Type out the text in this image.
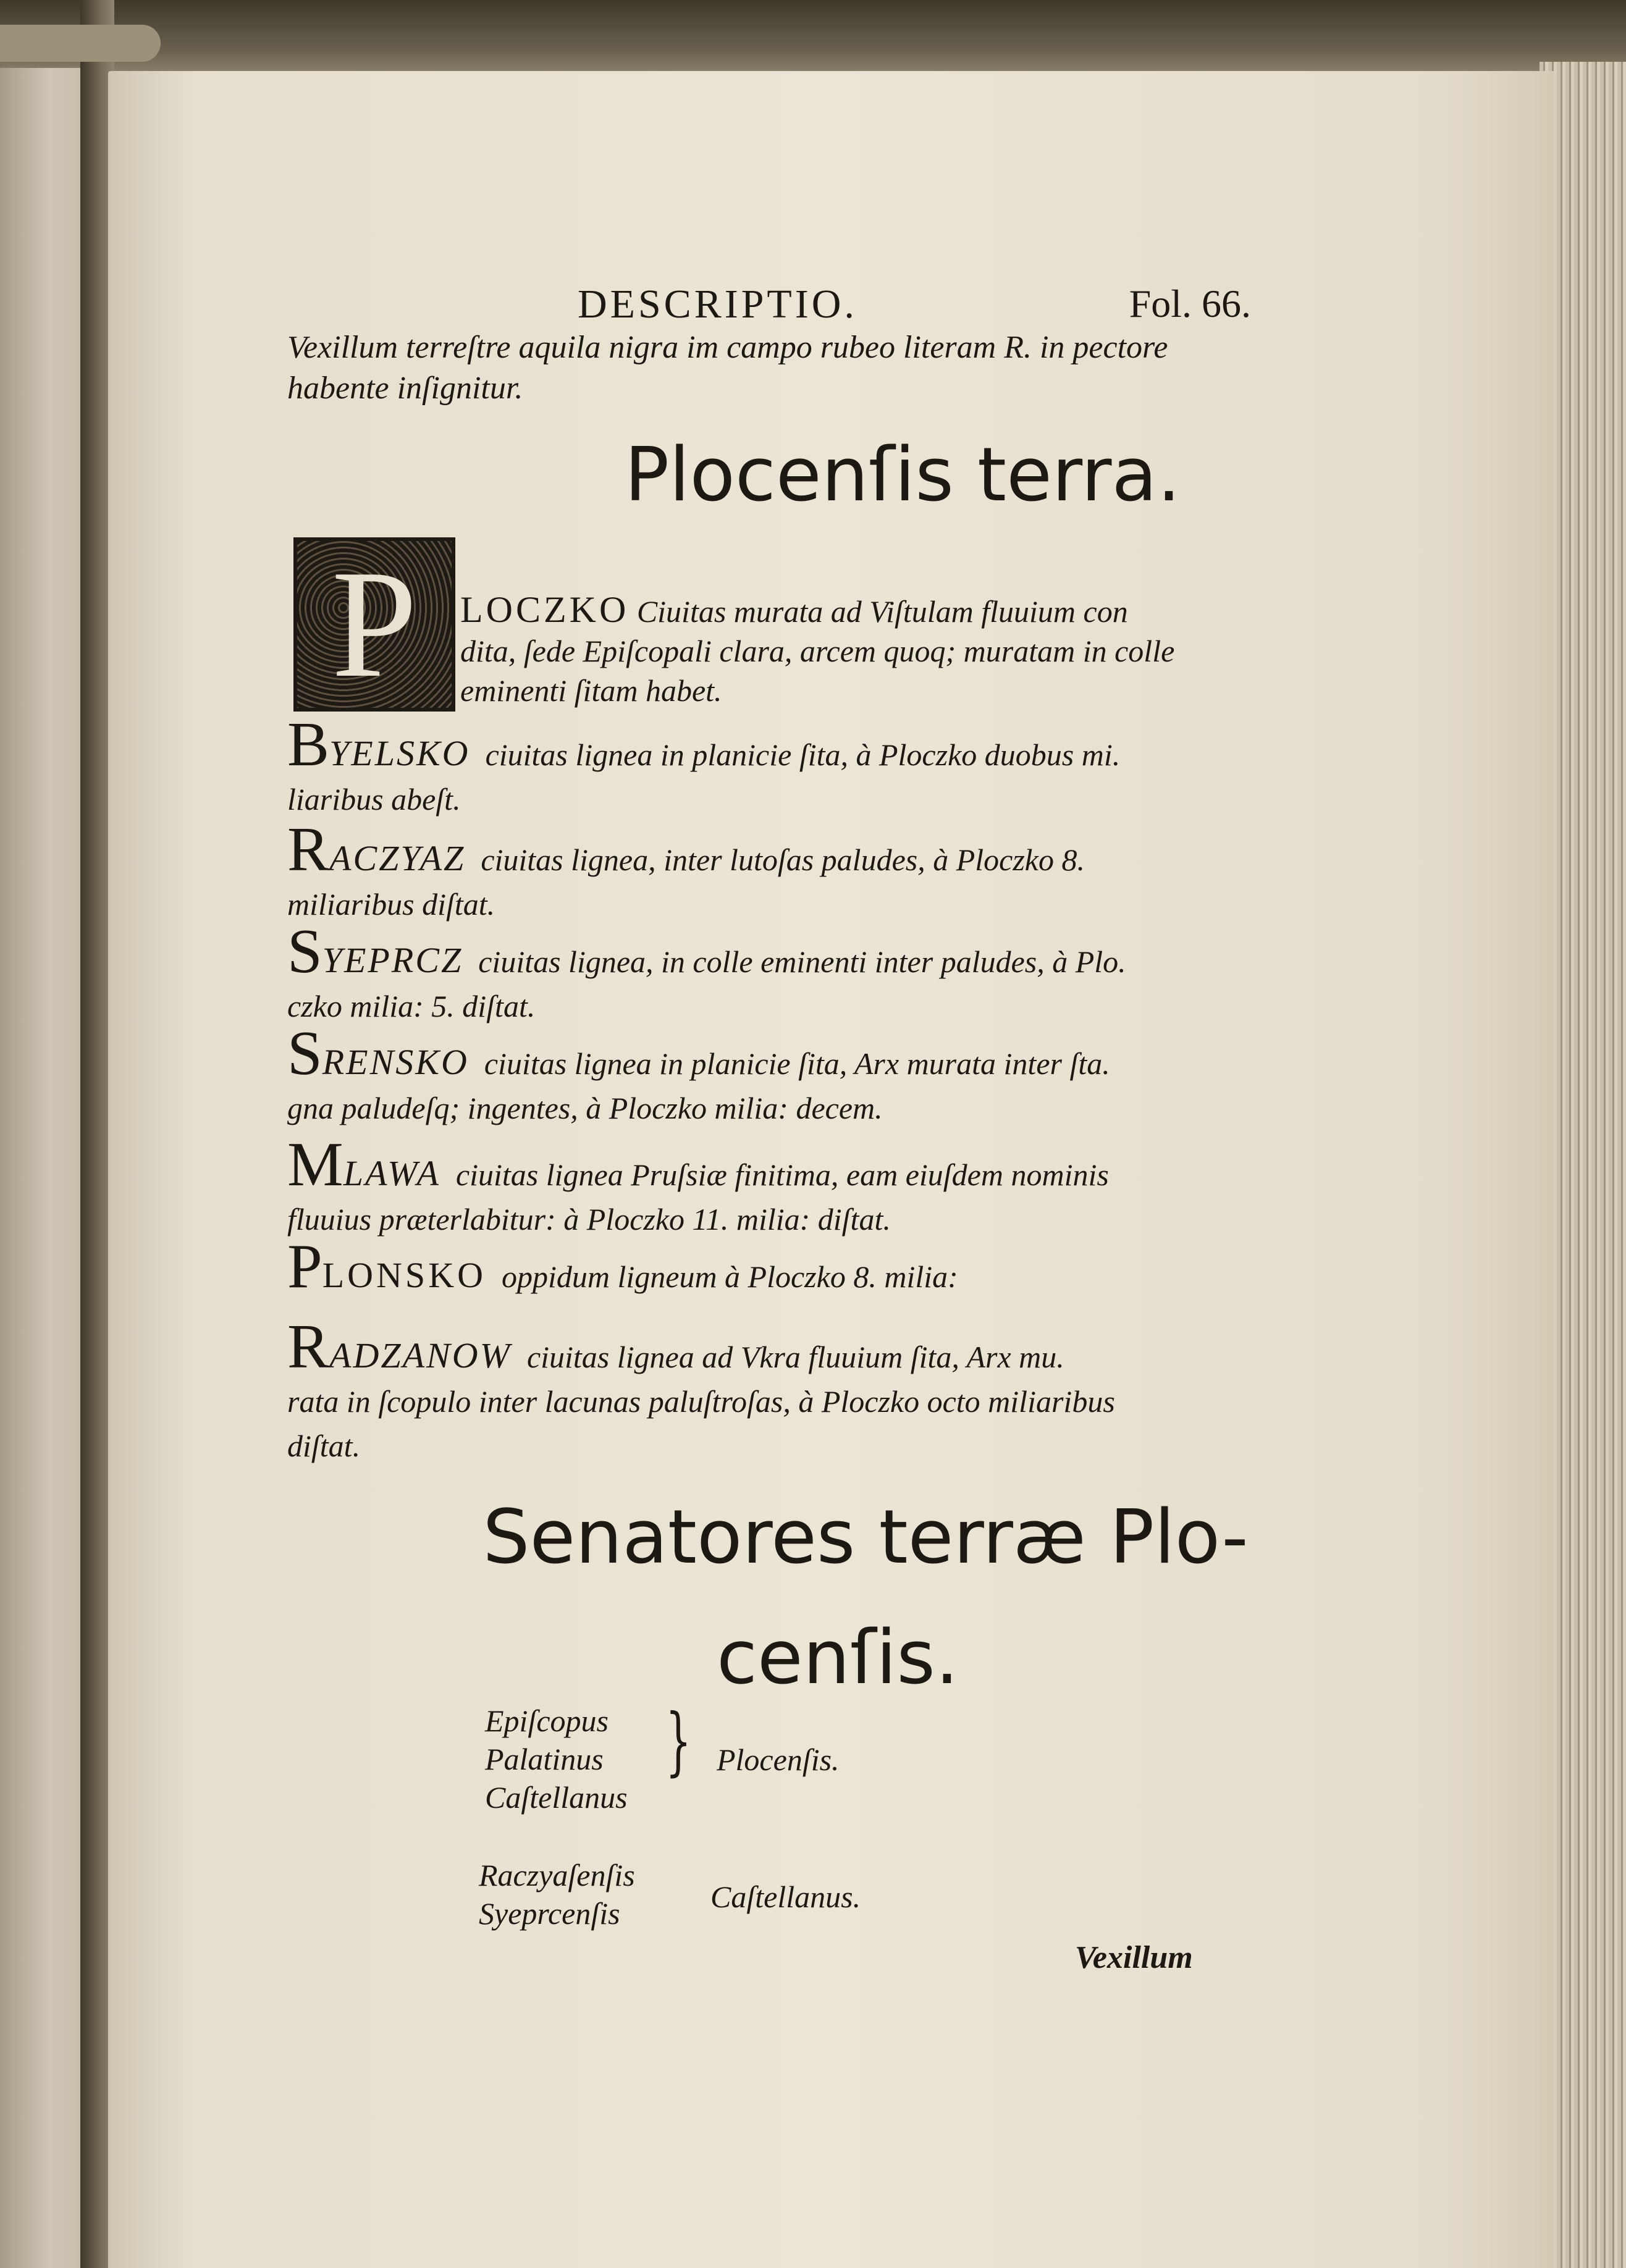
DESCRIPTIO.	Fol. 66.
Vexillum terreſtre aquila nigra im campo rubeo literam R. in pectore
habente inſignitur.
Plocenſis terra.
P	LOCZKO Ciuitas murata ad Viſtulam fluuium con
dita, ſede Epiſcopali clara, arcem quoq; muratam in colle
eminenti ſitam habet.
BYELSKO ciuitas lignea in planicie ſita, à Ploczko duobus mi.
liaribus abeſt.
RACZYAZ ciuitas lignea, inter lutoſas paludes, à Ploczko 8.
miliaribus diſtat.
SYEPRCZ ciuitas lignea, in colle eminenti inter paludes, à Plo.
czko milia: 5. diſtat.
SRENSKO ciuitas lignea in planicie ſita, Arx murata inter ſta.
gna paludeſq; ingentes, à Ploczko milia: decem.
MLAWA ciuitas lignea Pruſsiæ finitima, eam eiuſdem nominis
fluuius præterlabitur: à Ploczko 11. milia: diſtat.
PLONSKO oppidum ligneum à Ploczko 8. milia:
RADZANOW ciuitas lignea ad Vkra fluuium ſita, Arx mu.
rata in ſcopulo inter lacunas paluſtroſas, à Ploczko octo miliaribus
diſtat.
Senatores terræ Plo-
cenſis.
Epiſcopus
Palatinus
Caſtellanus
} Plocenſis.
Raczyaſenſis
Syeprcenſis	Caſtellanus.
Vexillum
